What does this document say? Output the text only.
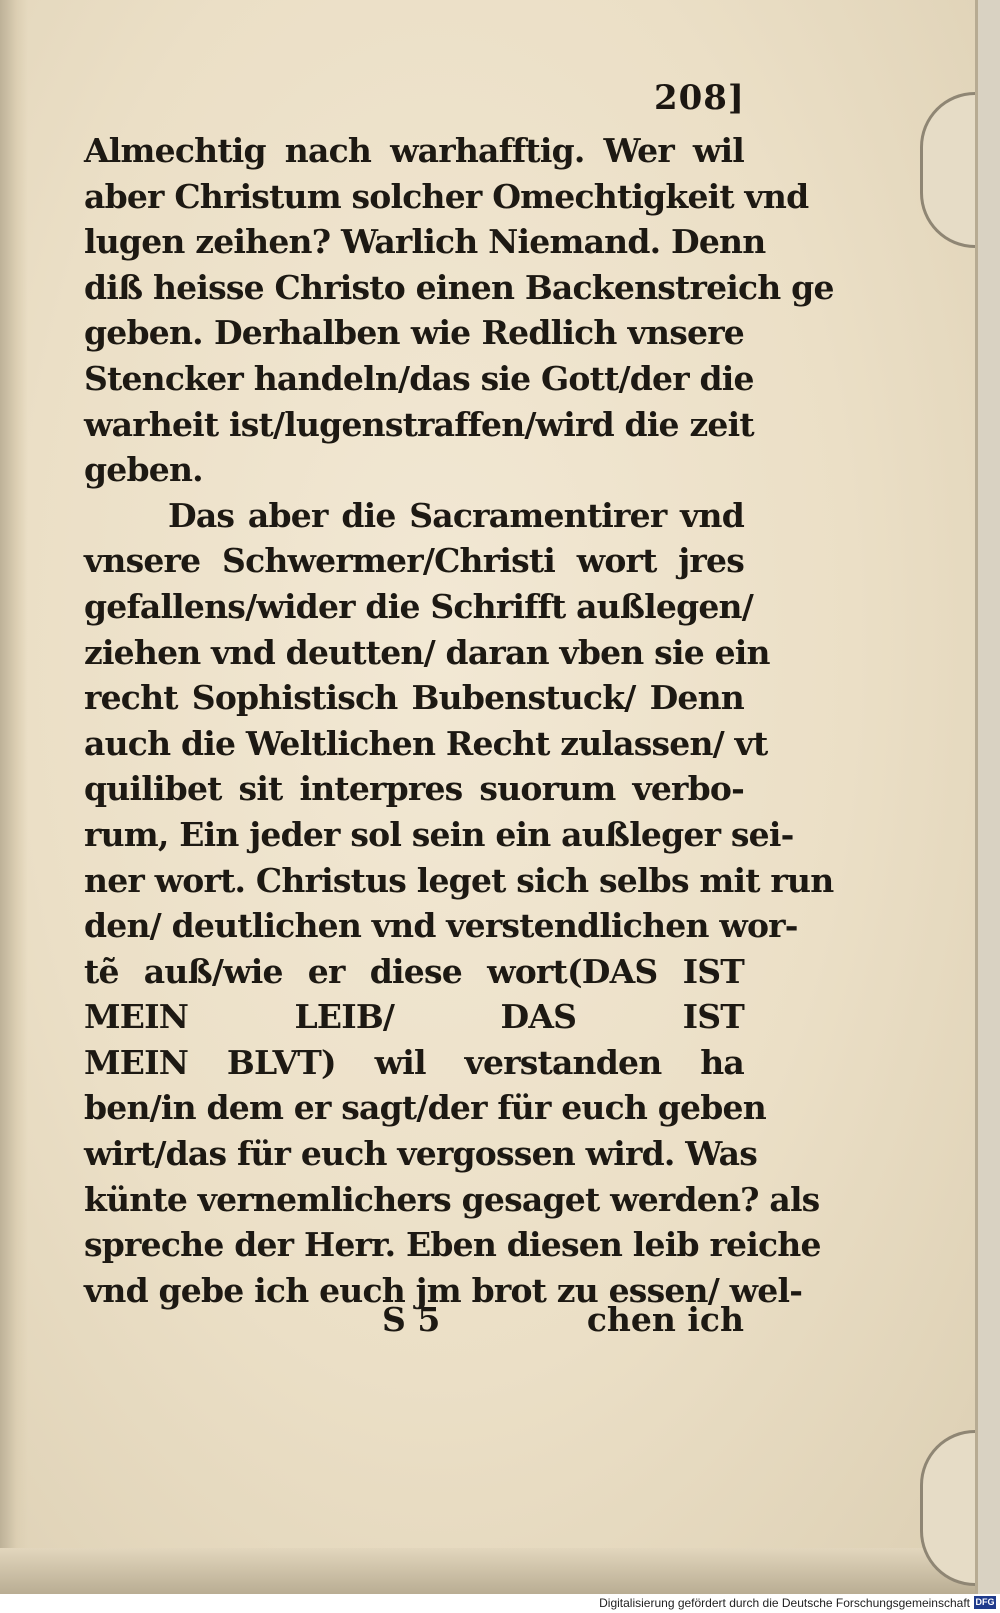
208]
Almechtig nach warhafftig. Wer wil
aber Christum solcher Omechtigkeit vnd
lugen zeihen? Warlich Niemand. Denn
diß heisse Christo einen Backenstreich ge
geben. Derhalben wie Redlich vnsere
Stencker handeln/das sie Gott/der die
warheit ist/lugenstraffen/wird die zeit
geben.
Das aber die Sacramentirer vnd
vnsere Schwermer/Christi wort jres
gefallens/wider die Schrifft außlegen/
ziehen vnd deutten/ daran vben sie ein
recht Sophistisch Bubenstuck/ Denn
auch die Weltlichen Recht zulassen/ vt
quilibet sit interpres suorum verbo-
rum, Ein jeder sol sein ein außleger sei-
ner wort. Christus leget sich selbs mit run
den/ deutlichen vnd verstendlichen wor-
tẽ auß/wie er diese wort(DAS IST
MEIN LEIB/ DAS IST
MEIN BLVT) wil verstanden ha
ben/in dem er sagt/der für euch geben
wirt/das für euch vergossen wird. Was
künte vernemlichers gesaget werden? als
spreche der Herr. Eben diesen leib reiche
vnd gebe ich euch jm brot zu essen/ wel-
S 5	chen ich
Digitalisierung gefördert durch die Deutsche Forschungsgemeinschaft DFG
